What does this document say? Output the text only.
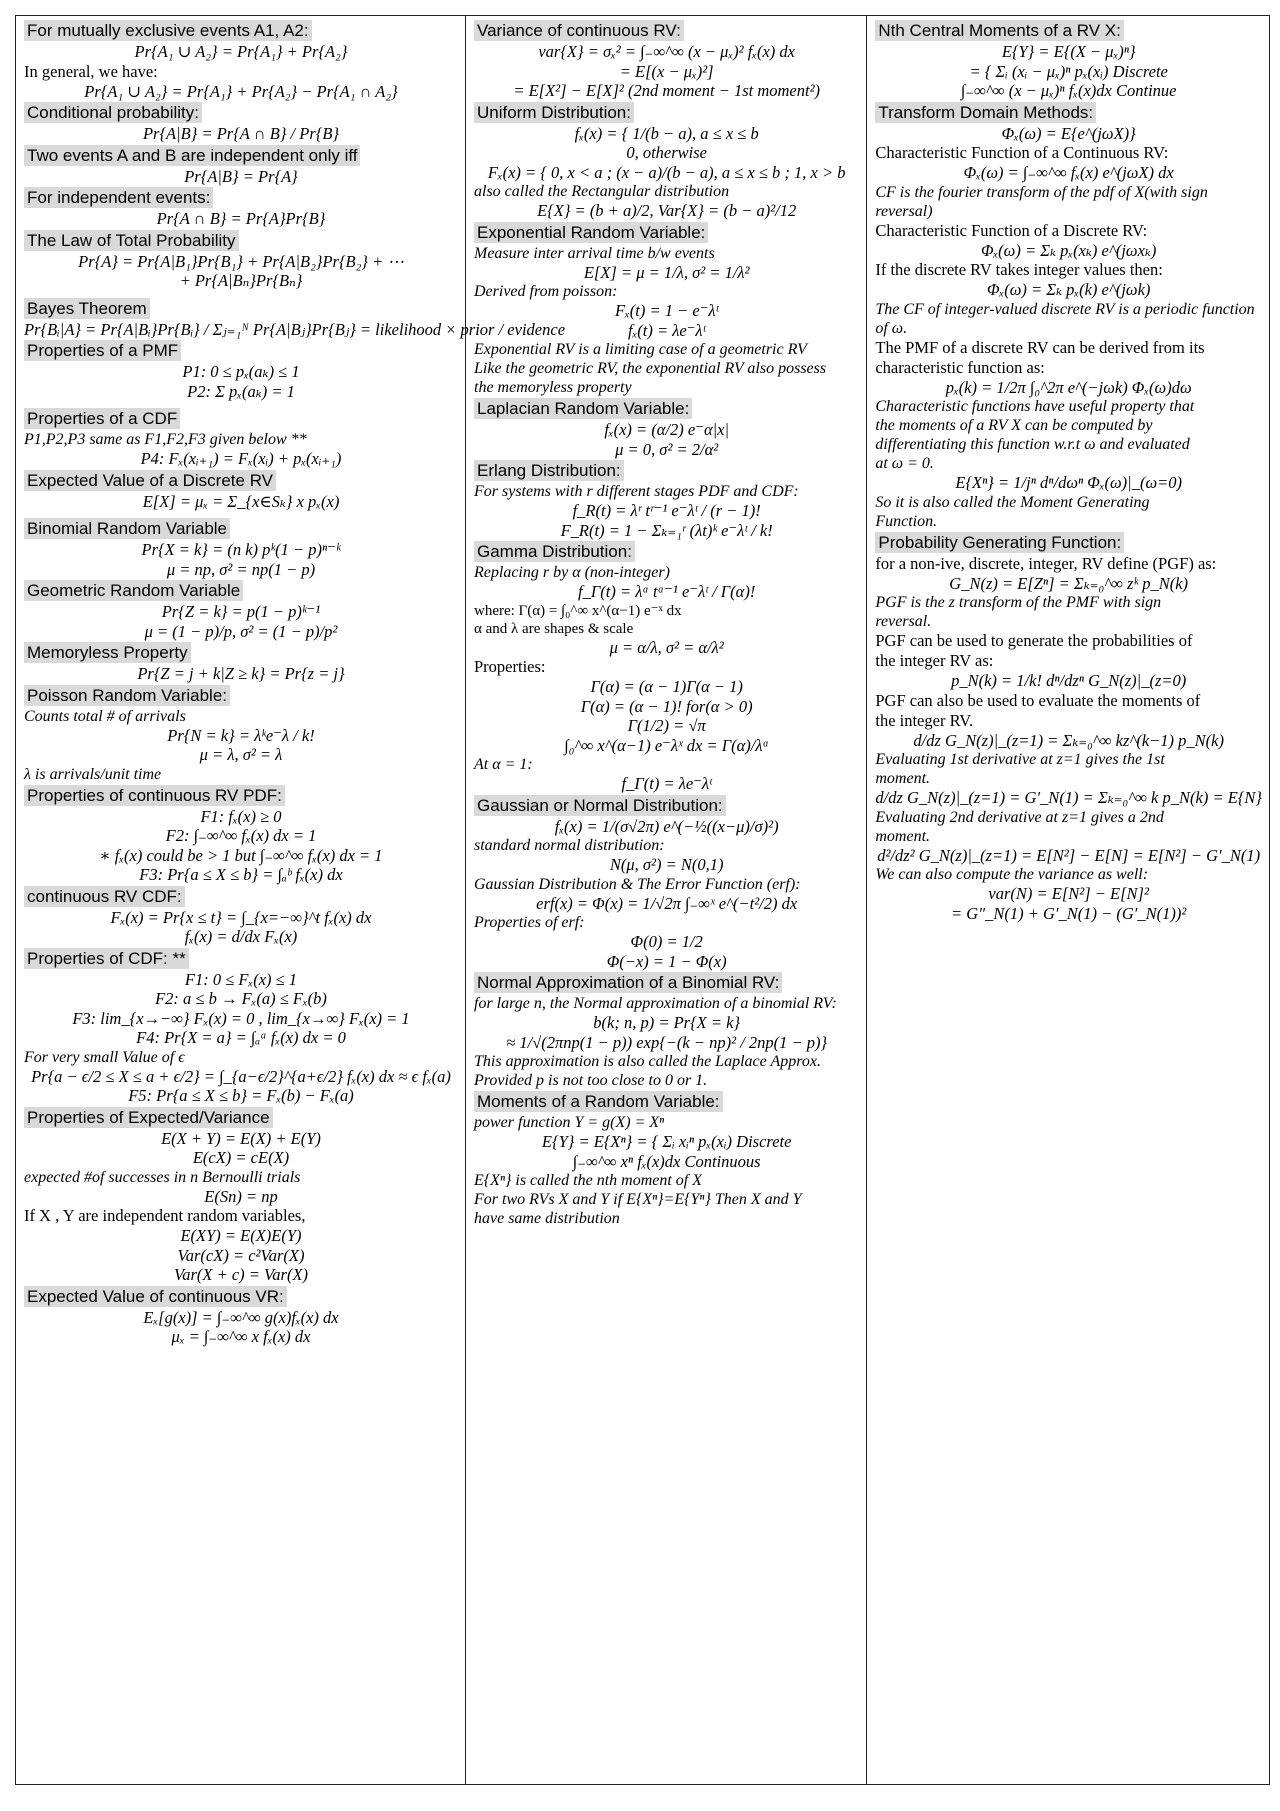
For mutually exclusive events A1, A2:
Pr{A₁ ∪ A₂} = Pr{A₁} + Pr{A₂}
In general, we have:
Pr{A₁ ∪ A₂} = Pr{A₁} + Pr{A₂} − Pr{A₁ ∩ A₂}
Conditional probability:
Pr{A|B} = Pr{A ∩ B} / Pr{B}
Two events A and B are independent only iff
Pr{A|B} = Pr{A}
For independent events:
Pr{A ∩ B} = Pr{A}Pr{B}
The Law of Total Probability
Pr{A} = Pr{A|B₁}Pr{B₁} + Pr{A|B₂}Pr{B₂} + ⋯
+ Pr{A|Bₙ}Pr{Bₙ}
Bayes Theorem
Pr{Bᵢ|A} = Pr{A|Bᵢ}Pr{Bᵢ} / Σⱼ₌₁ᴺ Pr{A|Bⱼ}Pr{Bⱼ} = likelihood × prior / evidence
Properties of a PMF
P1: 0 ≤ pₓ(aₖ) ≤ 1
P2: Σ pₓ(aₖ) = 1
Properties of a CDF
P1,P2,P3 same as F1,F2,F3 given below **
P4: Fₓ(xᵢ₊₁) = Fₓ(xᵢ) + pₓ(xᵢ₊₁)
Expected Value of a Discrete RV
E[X] = μₓ = Σ_{x∈Sₖ} x pₓ(x)
Binomial Random Variable
Pr{X = k} = (n k) pᵏ(1 − p)ⁿ⁻ᵏ
μ = np, σ² = np(1 − p)
Geometric Random Variable
Pr{Z = k} = p(1 − p)ᵏ⁻¹
μ = (1 − p)/p, σ² = (1 − p)/p²
Memoryless Property
Pr{Z = j + k|Z ≥ k} = Pr{z = j}
Poisson Random Variable:
Counts total # of arrivals
Pr{N = k} = λᵏe⁻λ / k!
μ = λ, σ² = λ
λ is arrivals/unit time
Properties of continuous RV PDF:
F1: fₓ(x) ≥ 0
F2: ∫₋∞^∞ fₓ(x) dx = 1
∗ fₓ(x) could be > 1 but ∫₋∞^∞ fₓ(x) dx = 1
F3: Pr{a ≤ X ≤ b} = ∫ₐᵇ fₓ(x) dx
continuous RV CDF:
Fₓ(x) = Pr{x ≤ t} = ∫_{x=−∞}^t fₓ(x) dx
fₓ(x) = d/dx Fₓ(x)
Properties of CDF: **
F1: 0 ≤ Fₓ(x) ≤ 1
F2: a ≤ b → Fₓ(a) ≤ Fₓ(b)
F3: lim_{x→−∞} Fₓ(x) = 0 , lim_{x→∞} Fₓ(x) = 1
F4: Pr{X = a} = ∫ₐᵃ fₓ(x) dx = 0
For very small Value of ϵ
Pr{a − ϵ/2 ≤ X ≤ a + ϵ/2} = ∫_{a−ϵ/2}^{a+ϵ/2} fₓ(x) dx ≈ ϵ fₓ(a)
F5: Pr{a ≤ X ≤ b} = Fₓ(b) − Fₓ(a)
Properties of Expected/Variance
E(X + Y) = E(X) + E(Y)
E(cX) = cE(X)
expected #of successes in n Bernoulli trials
E(Sn) = np
If X , Y are independent random variables,
E(XY) = E(X)E(Y)
Var(cX) = c²Var(X)
Var(X + c) = Var(X)
Expected Value of continuous VR:
Eₓ[g(x)] = ∫₋∞^∞ g(x)fₓ(x) dx
μₓ = ∫₋∞^∞ x fₓ(x) dx
Variance of continuous RV:
var{X} = σₓ² = ∫₋∞^∞ (x − μₓ)² fₓ(x) dx
= E[(x − μₓ)²]
= E[X²] − E[X]² (2nd moment − 1st moment²)
Uniform Distribution:
fₓ(x) = { 1/(b − a), a ≤ x ≤ b
0, otherwise
Fₓ(x) = { 0, x < a ; (x − a)/(b − a), a ≤ x ≤ b ; 1, x > b
also called the Rectangular distribution
E{X} = (b + a)/2, Var{X} = (b − a)²/12
Exponential Random Variable:
Measure inter arrival time b/w events
E[X] = μ = 1/λ, σ² = 1/λ²
Derived from poisson:
Fₓ(t) = 1 − e⁻λᵗ
fₓ(t) = λe⁻λᵗ
Exponential RV is a limiting case of a geometric RV
Like the geometric RV, the exponential RV also possess
the memoryless property
Laplacian Random Variable:
fₓ(x) = (α/2) e⁻α|x|
μ = 0, σ² = 2/α²
Erlang Distribution:
For systems with r different stages PDF and CDF:
f_R(t) = λʳ tʳ⁻¹ e⁻λᵗ / (r − 1)!
F_R(t) = 1 − Σₖ₌₁ʳ (λt)ᵏ e⁻λᵗ / k!
Gamma Distribution:
Replacing r by α (non-integer)
f_Γ(t) = λᵅ tᵅ⁻¹ e⁻λᵗ / Γ(α)!
where: Γ(α) = ∫₀^∞ x^(α−1) e⁻ˣ dx
α and λ are shapes & scale
μ = α/λ, σ² = α/λ²
Properties:
Γ(α) = (α − 1)Γ(α − 1)
Γ(α) = (α − 1)! for(α > 0)
Γ(1/2) = √π
∫₀^∞ x^(α−1) e⁻λˣ dx = Γ(α)/λᵅ
At α = 1:
f_Γ(t) = λe⁻λᵗ
Gaussian or Normal Distribution:
fₓ(x) = 1/(σ√2π) e^(−½((x−μ)/σ)²)
standard normal distribution:
N(μ, σ²) = N(0,1)
Gaussian Distribution & The Error Function (erf):
erf(x) = Φ(x) = 1/√2π ∫₋∞ˣ e^(−t²/2) dx
Properties of erf:
Φ(0) = 1/2
Φ(−x) = 1 − Φ(x)
Normal Approximation of a Binomial RV:
for large n, the Normal approximation of a binomial RV:
b(k; n, p) = Pr{X = k}
≈ 1/√(2πnp(1 − p)) exp{−(k − np)² / 2np(1 − p)}
This approximation is also called the Laplace Approx.
Provided p is not too close to 0 or 1.
Moments of a Random Variable:
power function Y = g(X) = Xⁿ
E{Y} = E{Xⁿ} = { Σᵢ xᵢⁿ pₓ(xᵢ) Discrete
∫₋∞^∞ xⁿ fₓ(x)dx Continuous
E{Xⁿ} is called the nth moment of X
For two RVs X and Y if E{Xⁿ}=E{Yⁿ} Then X and Y
have same distribution
Nth Central Moments of a RV X:
E{Y} = E{(X − μₓ)ⁿ}
= { Σᵢ (xᵢ − μₓ)ⁿ pₓ(xᵢ) Discrete
∫₋∞^∞ (x − μₓ)ⁿ fₓ(x)dx Continue
Transform Domain Methods:
Φₓ(ω) = E{e^(jωX)}
Characteristic Function of a Continuous RV:
Φₓ(ω) = ∫₋∞^∞ fₓ(x) e^(jωX) dx
CF is the fourier transform of the pdf of X(with sign
reversal)
Characteristic Function of a Discrete RV:
Φₓ(ω) = Σₖ pₓ(xₖ) e^(jωxₖ)
If the discrete RV takes integer values then:
Φₓ(ω) = Σₖ pₓ(k) e^(jωk)
The CF of integer-valued discrete RV is a periodic function
of ω.
The PMF of a discrete RV can be derived from its
characteristic function as:
pₓ(k) = 1/2π ∫₀^2π e^(−jωk) Φₓ(ω)dω
Characteristic functions have useful property that
the moments of a RV X can be computed by
differentiating this function w.r.t ω and evaluated
at ω = 0.
E{Xⁿ} = 1/jⁿ dⁿ/dωⁿ Φₓ(ω)|_(ω=0)
So it is also called the Moment Generating
Function.
Probability Generating Function:
for a non-ive, discrete, integer, RV define (PGF) as:
G_N(z) = E[Zⁿ] = Σₖ₌₀^∞ zᵏ p_N(k)
PGF is the z transform of the PMF with sign
reversal.
PGF can be used to generate the probabilities of
the integer RV as:
p_N(k) = 1/k! dⁿ/dzⁿ G_N(z)|_(z=0)
PGF can also be used to evaluate the moments of
the integer RV.
d/dz G_N(z)|_(z=1) = Σₖ₌₀^∞ kz^(k−1) p_N(k)
Evaluating 1st derivative at z=1 gives the 1st
moment.
d/dz G_N(z)|_(z=1) = G′_N(1) = Σₖ₌₀^∞ k p_N(k) = E{N}
Evaluating 2nd derivative at z=1 gives a 2nd
moment.
d²/dz² G_N(z)|_(z=1) = E[N²] − E[N] = E[N²] − G′_N(1)
We can also compute the variance as well:
var(N) = E[N²] − E[N]²
= G″_N(1) + G′_N(1) − (G′_N(1))²
